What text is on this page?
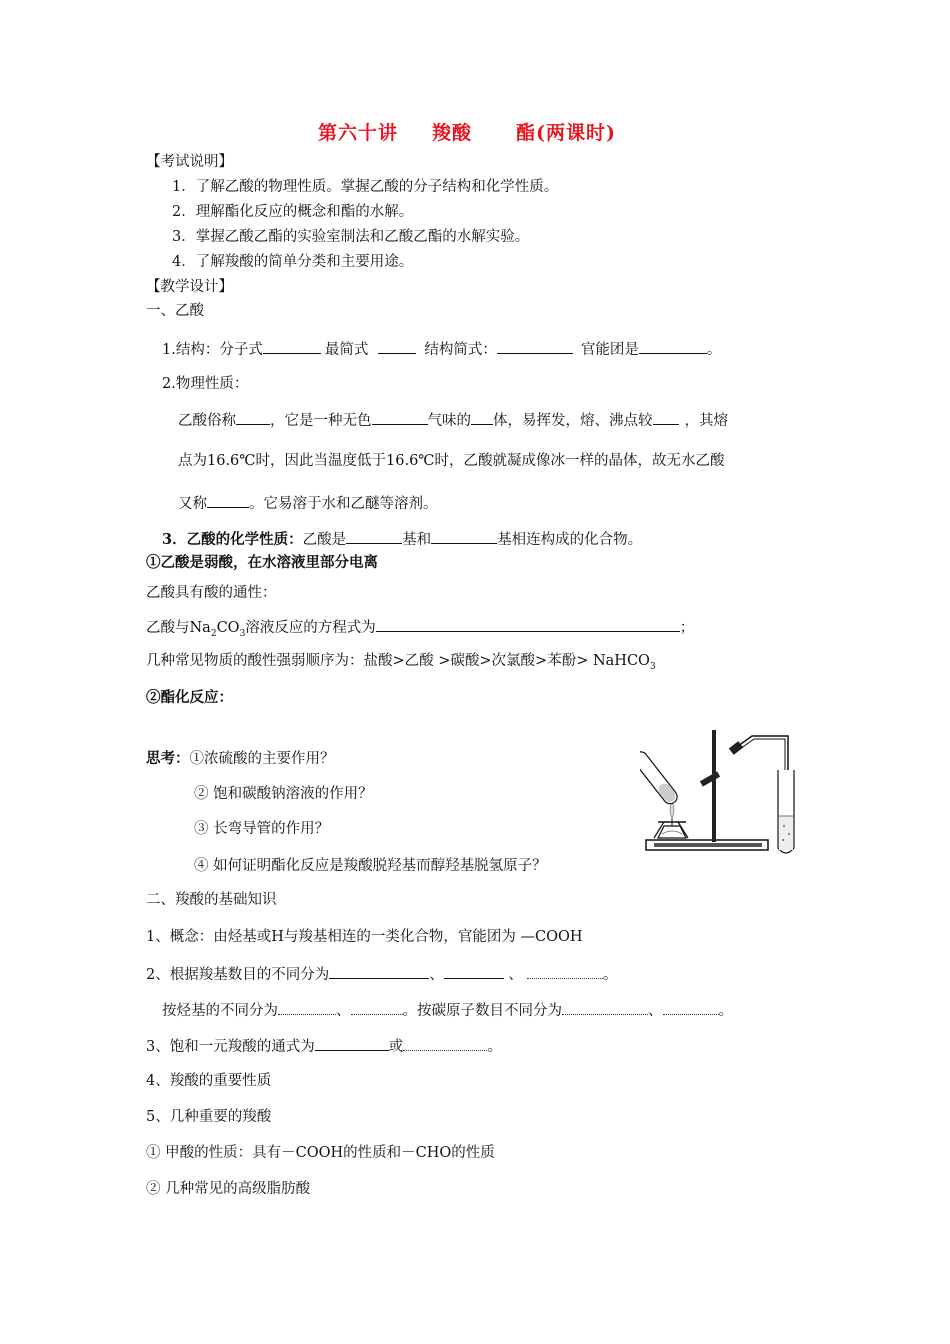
第六十讲 羧酸 酯(两课时)
【考试说明】
1．了解乙酸的物理性质。掌握乙酸的分子结构和化学性质。
2．理解酯化反应的概念和酯的水解。
3．掌握乙酸乙酯的实验室制法和乙酸乙酯的水解实验。
4．了解羧酸的简单分类和主要用途。
【教学设计】
一、乙酸
1.结构：分子式	最简式	结构简式：	官能团是	。
2.物理性质：
乙酸俗称 ，它是一种无色	气味的 体，易挥发，熔、沸点较 ，其熔
点为16.6℃时，因此当温度低于16.6℃时，乙酸就凝成像冰一样的晶体，故无水乙酸
又称	。它易溶于水和乙醚等溶剂。
3．乙酸的化学性质：乙酸是	基和	基相连构成的化合物。
①乙酸是弱酸，在水溶液里部分电离
乙酸具有酸的通性：
乙酸与$Na_2CO_3$溶液反应的方程式为	；
几种常见物质的酸性强弱顺序为：盐酸>乙酸 >碳酸>次氯酸>苯酚> NaHCO$_3$
②酯化反应：
思考：①浓硫酸的主要作用？
② 饱和碳酸钠溶液的作用？
③ 长弯导管的作用？
④ 如何证明酯化反应是羧酸脱羟基而醇羟基脱氢原子？
二、羧酸的基础知识
1、概念：由烃基或H与羧基相连的一类化合物，官能团为 —COOH
2、根据羧基数目的不同分为	、	、	。
按烃基的不同分为	、	。按碳原子数目不同分为	、	。
3、饱和一元羧酸的通式为	或	。
4、羧酸的重要性质
5、几种重要的羧酸
① 甲酸的性质：具有－COOH的性质和－CHO的性质
② 几种常见的高级脂肪酸
